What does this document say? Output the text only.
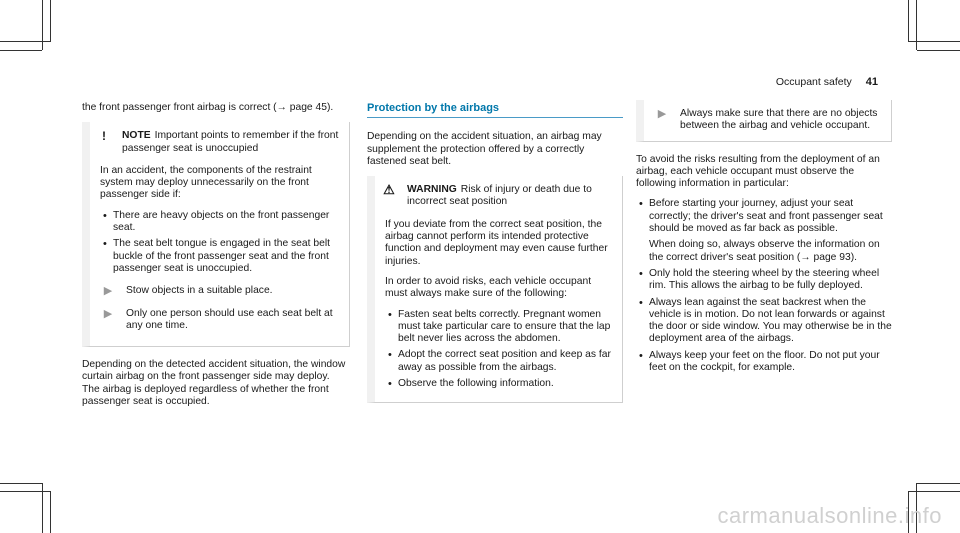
Occupant safety 41
the front passenger front airbag is correct (→ page 45).
!	NOTE Important points to remember if the front passenger seat is unoccupied
In an accident, the components of the restraint system may deploy unnecessarily on the front passenger side if:
• There are heavy objects on the front passenger seat.
• The seat belt tongue is engaged in the seat belt buckle of the front passenger seat and the front passenger seat is unoccupied.
▶	Stow objects in a suitable place.
▶	Only one person should use each seat belt at any one time.
Depending on the detected accident situation, the window curtain airbag on the front passenger side may deploy. The airbag is deployed regardless of whether the front passenger seat is occupied.
Protection by the airbags
Depending on the accident situation, an airbag may supplement the protection offered by a correctly fastened seat belt.
⚠ WARNING Risk of injury or death due to incorrect seat position
If you deviate from the correct seat position, the airbag cannot perform its intended protective function and deployment may even cause further injuries.
In order to avoid risks, each vehicle occupant must always make sure of the following:
• Fasten seat belts correctly. Pregnant women must take particular care to ensure that the lap belt never lies across the abdomen.
• Adopt the correct seat position and keep as far away as possible from the airbags.
• Observe the following information.
▶	Always make sure that there are no objects between the airbag and vehicle occupant.
To avoid the risks resulting from the deployment of an airbag, each vehicle occupant must observe the following information in particular:
• Before starting your journey, adjust your seat correctly; the driver's seat and front passenger seat should be moved as far back as possible.
When doing so, always observe the information on the correct driver's seat position (→ page 93).
• Only hold the steering wheel by the steering wheel rim. This allows the airbag to be fully deployed.
• Always lean against the seat backrest when the vehicle is in motion. Do not lean forwards or against the door or side window. You may otherwise be in the deployment area of the airbags.
• Always keep your feet on the floor. Do not put your feet on the cockpit, for example.
carmanualsonline.info
